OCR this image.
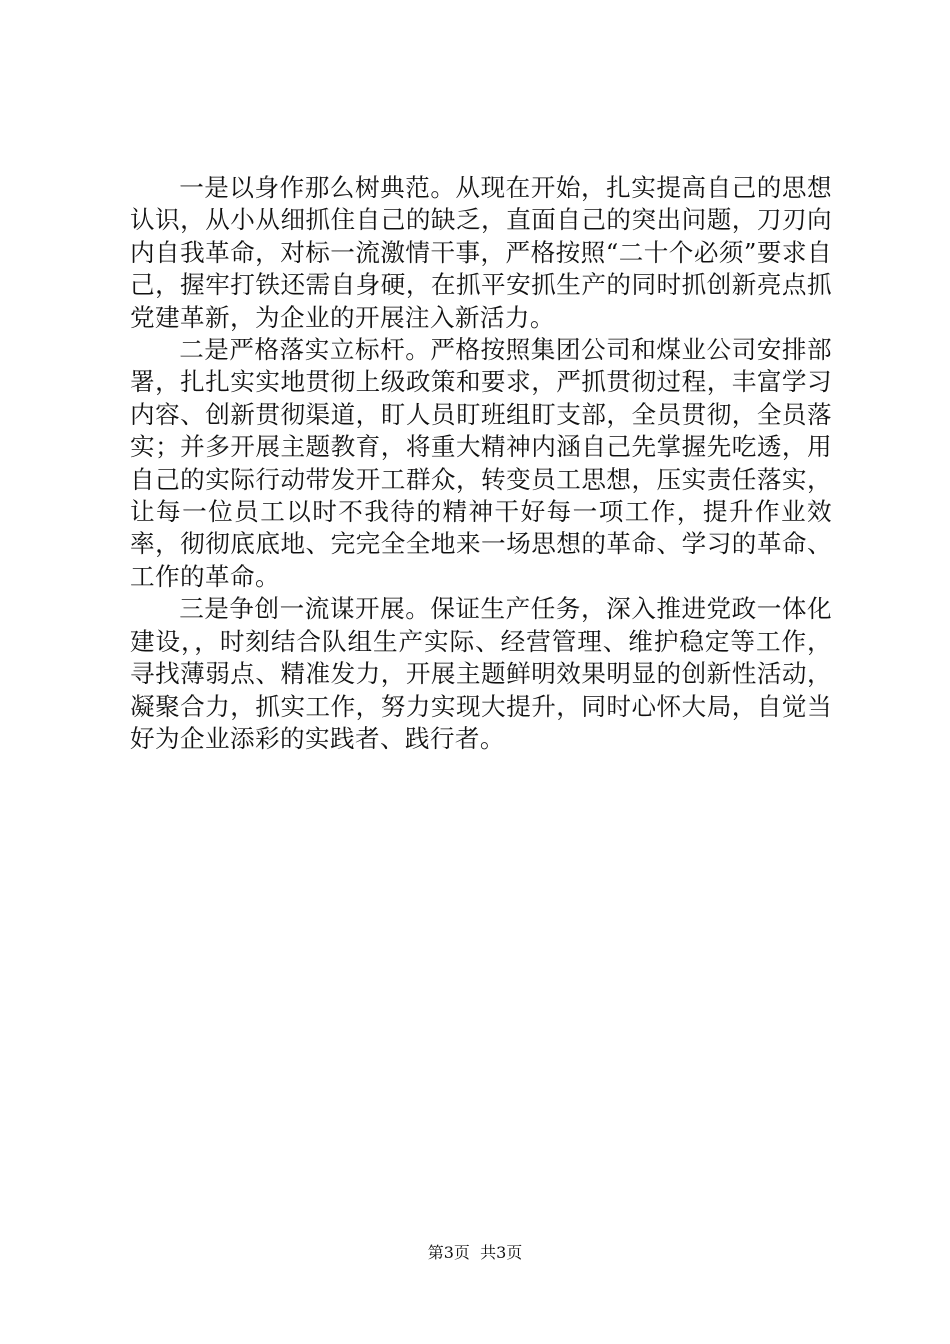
一是以身作那么树典范。从现在开始，扎实提高自己的思想认识，从小从细抓住自己的缺乏，直面自己的突出问题，刀刃向内自我革命，对标一流激情干事，严格按照“二十个必须”要求自己，握牢打铁还需自身硬，在抓平安抓生产的同时抓创新亮点抓党建革新，为企业的开展注入新活力。

二是严格落实立标杆。严格按照集团公司和煤业公司安排部署，扎扎实实地贯彻上级政策和要求，严抓贯彻过程，丰富学习内容、创新贯彻渠道，盯人员盯班组盯支部，全员贯彻，全员落实；并多开展主题教育，将重大精神内涵自己先掌握先吃透，用自己的实际行动带发开工群众，转变员工思想，压实责任落实，让每一位员工以时不我待的精神干好每一项工作，提升作业效率，彻彻底底地、完完全全地来一场思想的革命、学习的革命、工作的革命。

三是争创一流谋开展。保证生产任务，深入推进党政一体化建设，，时刻结合队组生产实际、经营管理、维护稳定等工作，寻找薄弱点、精准发力，开展主题鲜明效果明显的创新性活动，凝聚合力，抓实工作，努力实现大提升，同时心怀大局，自觉当好为企业添彩的实践者、践行者。

第3页  共3页
